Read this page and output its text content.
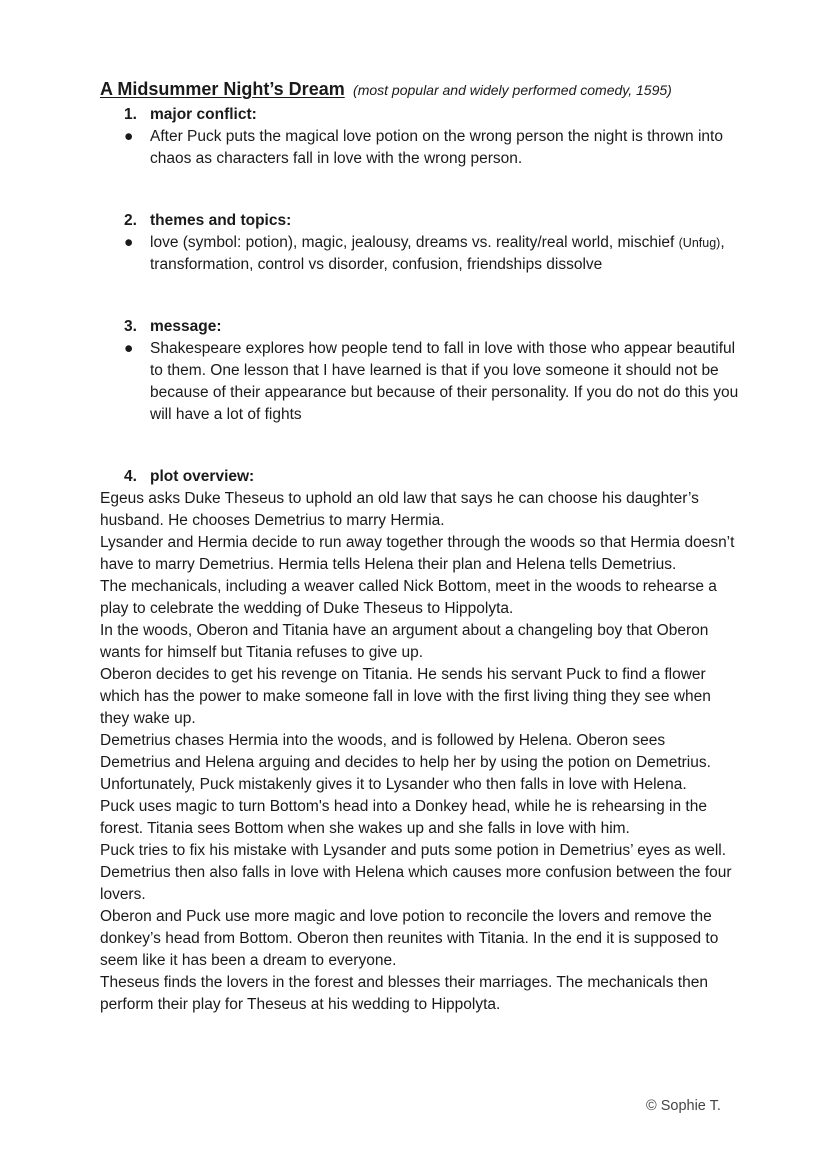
A Midsummer Night’s Dream (most popular and widely performed comedy, 1595)
1. major conflict:
●	After Puck puts the magical love potion on the wrong person the night is thrown into chaos as characters fall in love with the wrong person.
2. themes and topics:
●	love (symbol: potion), magic, jealousy, dreams vs. reality/real world, mischief (Unfug), transformation, control vs disorder, confusion, friendships dissolve
3. message:
●	Shakespeare explores how people tend to fall in love with those who appear beautiful to them. One lesson that I have learned is that if you love someone it should not be because of their appearance but because of their personality. If you do not do this you will have a lot of fights
4. plot overview:

Egeus asks Duke Theseus to uphold an old law that says he can choose his daughter’s husband. He chooses Demetrius to marry Hermia.

Lysander and Hermia decide to run away together through the woods so that Hermia doesn’t have to marry Demetrius. Hermia tells Helena their plan and Helena tells Demetrius.

The mechanicals, including a weaver called Nick Bottom, meet in the woods to rehearse a play to celebrate the wedding of Duke Theseus to Hippolyta.

In the woods, Oberon and Titania have an argument about a changeling boy that Oberon wants for himself but Titania refuses to give up.

Oberon decides to get his revenge on Titania. He sends his servant Puck to find a flower which has the power to make someone fall in love with the first living thing they see when they wake up.

Demetrius chases Hermia into the woods, and is followed by Helena. Oberon sees Demetrius and Helena arguing and decides to help her by using the potion on Demetrius. Unfortunately, Puck mistakenly gives it to Lysander who then falls in love with Helena.

Puck uses magic to turn Bottom's head into a Donkey head, while he is rehearsing in the forest. Titania sees Bottom when she wakes up and she falls in love with him.

Puck tries to fix his mistake with Lysander and puts some potion in Demetrius’ eyes as well. Demetrius then also falls in love with Helena which causes more confusion between the four lovers.

Oberon and Puck use more magic and love potion to reconcile the lovers and remove the donkey’s head from Bottom. Oberon then reunites with Titania. In the end it is supposed to seem like it has been a dream to everyone.

Theseus finds the lovers in the forest and blesses their marriages. The mechanicals then perform their play for Theseus at his wedding to Hippolyta.

© Sophie T.
